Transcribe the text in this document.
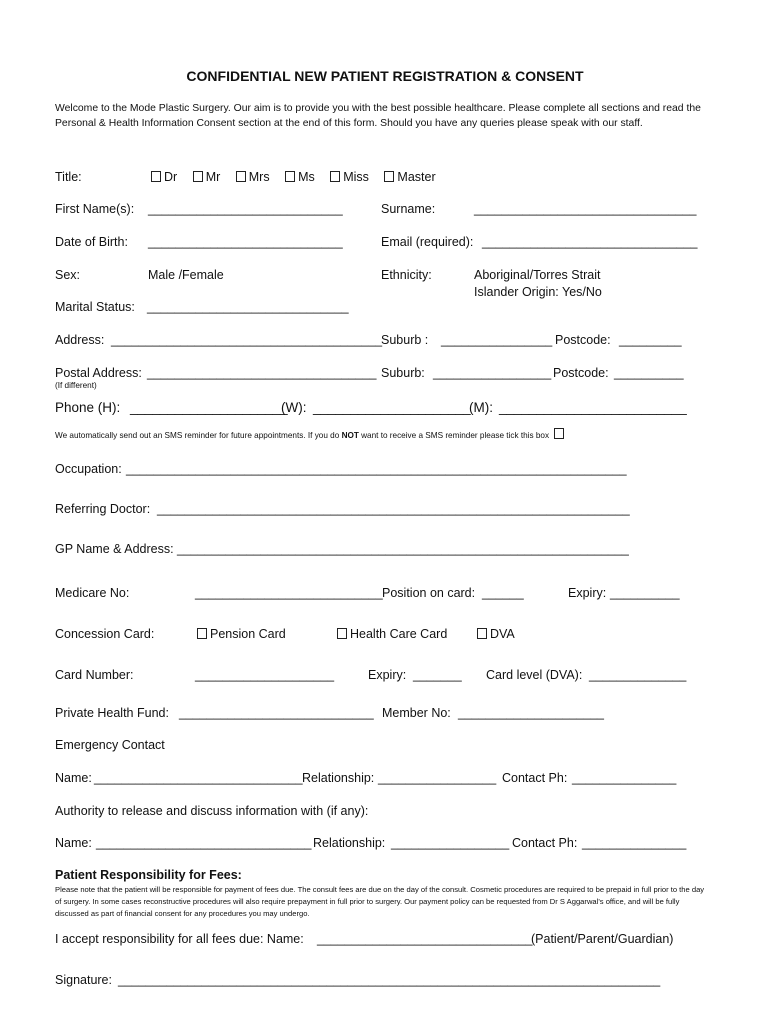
CONFIDENTIAL NEW PATIENT REGISTRATION & CONSENT
Welcome to the Mode Plastic Surgery. Our aim is to provide you with the best possible healthcare. Please complete all sections and read the Personal & Health Information Consent section at the end of this form. Should you have any queries please speak with our staff.
Title:	Dr Mr Mrs Ms Miss Master
First Name(s): ____________________________	Surname:	________________________________
Date of Birth: ____________________________	Email (required): _______________________________
Sex:	Male /Female	Ethnicity:	Aboriginal/Torres Strait
Islander Origin: Yes/No
Marital Status: _____________________________
Address: _______________________________________
Suburb : ________________ Postcode: _________
Postal Address: _________________________________
(If different)
Suburb: _________________ Postcode: __________
Phone (H): _____________________
(W): _____________________
(M): _________________________
We automatically send out an SMS reminder for future appointments. If you do NOT want to receive a SMS reminder please tick this box
Occupation: ________________________________________________________________________
Referring Doctor: ____________________________________________________________________
GP Name & Address: _________________________________________________________________
Medicare No:	___________________________ Position on card: ______	Expiry: __________
Concession Card:	Pension Card	Health Care Card	DVA
Card Number:	____________________	Expiry: _______ Card level (DVA): ______________
Private Health Fund: ____________________________ Member No: _____________________
Emergency Contact
Name: ______________________________ Relationship: _________________ Contact Ph: _______________
Authority to release and discuss information with (if any):
Name: _______________________________ Relationship: _________________ Contact Ph: _______________
Patient Responsibility for Fees:
Please note that the patient will be responsible for payment of fees due. The consult fees are due on the day of the consult. Cosmetic procedures are required to be prepaid in full prior to the day of surgery. In some cases reconstructive procedures will also require prepayment in full prior to surgery. Our payment policy can be requested from Dr S Aggarwal's office, and will be fully discussed as part of financial consent for any procedures you may undergo.
I accept responsibility for all fees due: Name: _______________________________
(Patient/Parent/Guardian)
Signature: ______________________________________________________________________________
